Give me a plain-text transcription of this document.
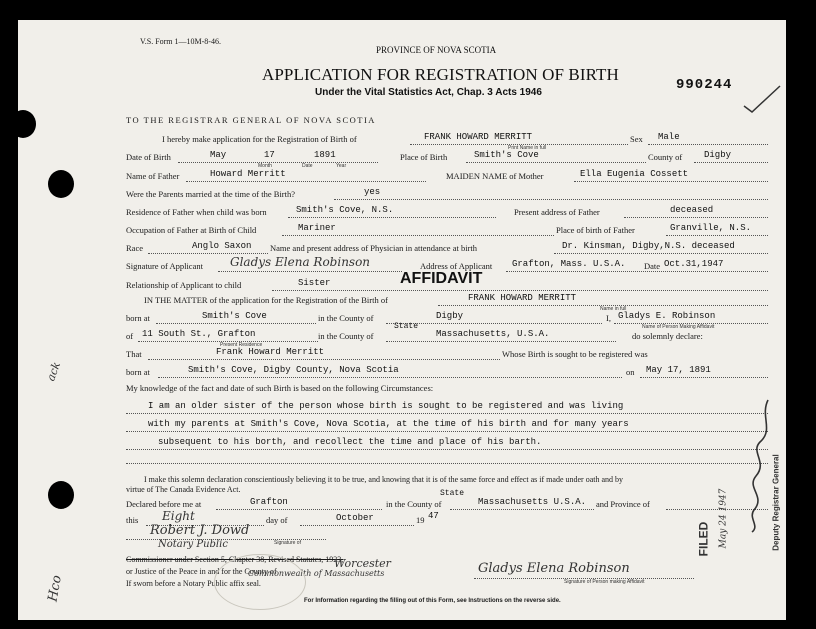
V.S. Form 1—10M-8-46.
PROVINCE OF NOVA SCOTIA
APPLICATION FOR REGISTRATION OF BIRTH
Under the Vital Statistics Act, Chap. 3 Acts 1946	990244
TO THE REGISTRAR GENERAL OF NOVA SCOTIA
I hereby make application for the Registration of Birth of	FRANK HOWARD MERRITT
Print Name in full
Sex Male
Date of Birth	May	17	1891
Month	Date	Year
Place of Birth	Smith's Cove	County of Digby
Name of Father	Howard Merritt	MAIDEN NAME of Mother	Ella Eugenia Cossett
Were the Parents married at the time of the Birth?	yes
Residence of Father when child was born	Smith's Cove, N.S.	Present address of Father	deceased
Occupation of Father at Birth of Child	Mariner	Place of birth of Father	Granville, N.S.
Race	Anglo Saxon Name and present address of Physician in attendance at birth	Dr. Kinsman, Digby,N.S. deceased
Signature of Applicant Gladys Elena Robinson	Address of Applicant Grafton, Mass. U.S.A. Date Oct.31,1947
Relationship of Applicant to child	Sister	AFFIDAVIT
IN THE MATTER of the application for the Registration of the Birth of	FRANK HOWARD MERRITT
Name in full
born at	Smith's Cove	in the County of	Digby	I, Gladys E. Robinson
Name of Person Making Affidavit
of 11 South St., Grafton
Present Residence
in the County of
State
Massachusetts, U.S.A.	do solemnly declare:
That	Frank Howard Merritt	Whose Birth is sought to be registered was
born at	Smith's Cove, Digby County, Nova Scotia	on May 17, 1891
My knowledge of the fact and date of such Birth is based on the following Circumstances:
I am an older sister of the person whose birth is sought to be registered and was living
with my parents at Smith's Cove, Nova Scotia, at the time of his birth and for many years
subsequent to his borth, and recollect the time and place of his barth.
I make this solemn declaration conscientiously believing it to be true, and knowing that it is of the same force and effect as if made under oath and by
virtue of The Canada Evidence Act.
Declared before me at	Grafton	in the County of
State
Massachusetts U.S.A. and Province of
this Eight	day of	October	19 47
Robert J. Dowd
Signature of
Notary Public
Commissioner under Section 5, Chapter 38, Revised Statutes, 1923,
or Justice of the Peace in and for the County of
Worcester
Commonwealth of Massachusetts
If sworn before a Notary Public affix seal.
Gladys Elena Robinson
Signature of Person making Affidavit
For Information regarding the filling out of this Form, see Instructions on the reverse side.
ack
Hco
FILED May 24 1947	Deputy Registrar General
